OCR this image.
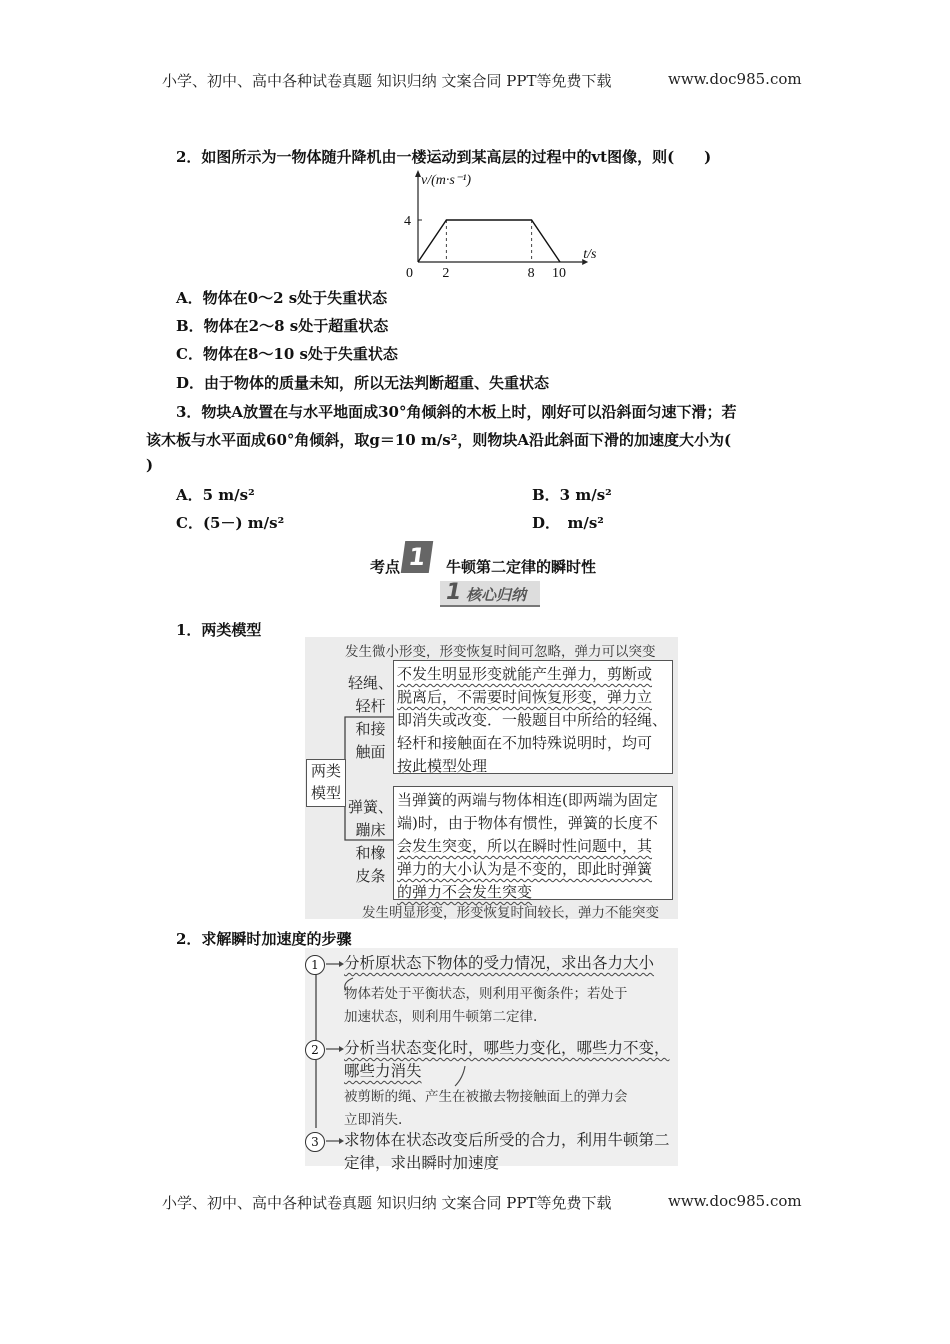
小学、初中、高中各种试卷真题 知识归纳 文案合同 PPT等免费下载	www.doc985.com
2．如图所示为一物体随升降机由一楼运动到某高层的过程中的vt图像，则(　　)
v/(m·s⁻¹)
4
0 2	8 10
t/s
A．物体在0～2 s处于失重状态
B．物体在2～8 s处于超重状态
C．物体在8～10 s处于失重状态
D．由于物体的质量未知，所以无法判断超重、失重状态
3．物块A放置在与水平地面成30°角倾斜的木板上时，刚好可以沿斜面匀速下滑；若
该木板与水平面成60°角倾斜，取g＝10 m/s²，则物块A沿此斜面下滑的加速度大小为(
)
A．5 m/s²	B．3 m/s²
C．(5－) m/s²	D．　m/s²
考点 1	牛顿第二定律的瞬时性
1 核心归纳
1．两类模型
发生微小形变，形变恢复时间可忽略，弹力可以突变
两类
模型
轻绳、
轻杆
和接
触面
不发生明显形变就能产生弹力，剪断或
脱离后，不需要时间恢复形变，弹力立
即消失或改变．一般题目中所给的轻绳、
轻杆和接触面在不加特殊说明时，均可
按此模型处理
弹簧、
蹦床
和橡
皮条
当弹簧的两端与物体相连(即两端为固定
端)时，由于物体有惯性，弹簧的长度不
会发生突变，所以在瞬时性问题中，其
弹力的大小认为是不变的，即此时弹簧
的弹力不会发生突变
发生明显形变，形变恢复时间较长，弹力不能突变
2．求解瞬时加速度的步骤
1	分析原状态下物体的受力情况，求出各力大小
物体若处于平衡状态，则利用平衡条件；若处于
加速状态，则利用牛顿第二定律.
2	分析当状态变化时，哪些力变化，哪些力不变，
哪些力消失
被剪断的绳、产生在被撤去物接触面上的弹力会
立即消失.
3	求物体在状态改变后所受的合力，利用牛顿第二
定律，求出瞬时加速度
小学、初中、高中各种试卷真题 知识归纳 文案合同 PPT等免费下载	www.doc985.com
